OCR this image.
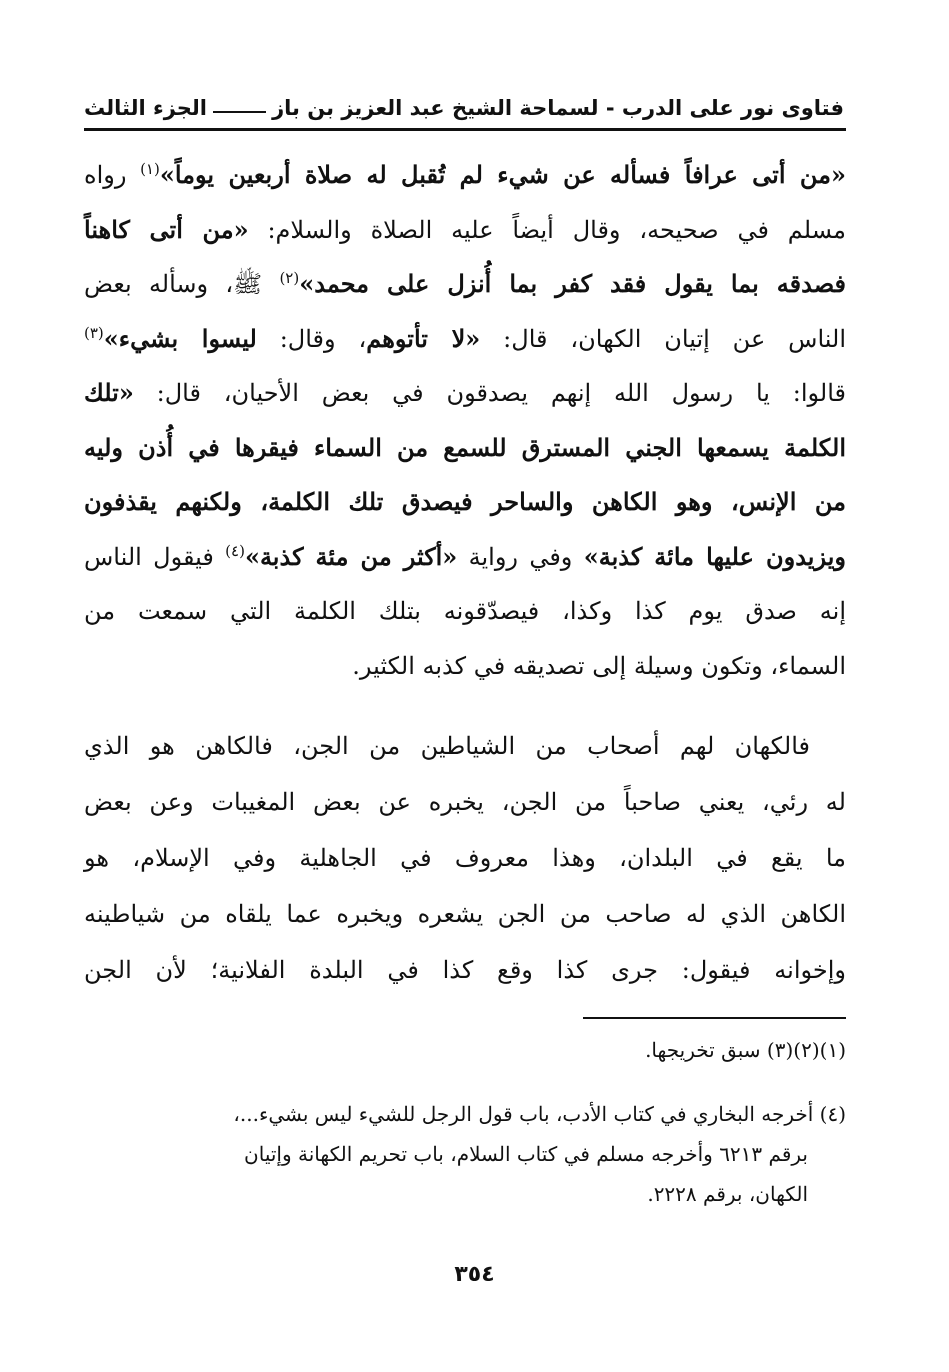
فتاوى نور على الدرب - لسماحة الشيخ عبد العزيز بن باز
الجزء الثالث
«من أتى عرافاً فسأله عن شيء لم تُقبل له صلاة أربعين يوماً»$^{(١)}$ رواه
مسلم في صحيحه، وقال أيضاً عليه الصلاة والسلام: «من أتى كاهناً
فصدقه بما يقول فقد كفر بما أُنزل على محمد»$^{(٢)}$ ﷺ، وسأله بعض
الناس عن إتيان الكهان، قال: «لا تأتوهم، وقال: ليسوا بشيء»$^{(٣)}$
قالوا: يا رسول الله إنهم يصدقون في بعض الأحيان، قال: «تلك
الكلمة يسمعها الجني المسترق للسمع من السماء فيقرها في أُذن وليه
من الإنس، وهو الكاهن والساحر فيصدق تلك الكلمة، ولكنهم يقذفون
ويزيدون عليها مائة كذبة» وفي رواية «أكثر من مئة كذبة»$^{(٤)}$ فيقول الناس
إنه صدق يوم كذا وكذا، فيصدّقونه بتلك الكلمة التي سمعت من
السماء، وتكون وسيلة إلى تصديقه في كذبه الكثير.
فالكهان لهم أصحاب من الشياطين من الجن، فالكاهن هو الذي
له رئي، يعني صاحباً من الجن، يخبره عن بعض المغيبات وعن بعض
ما يقع في البلدان، وهذا معروف في الجاهلية وفي الإسلام، هو
الكاهن الذي له صاحب من الجن يشعره ويخبره عما يلقاه من شياطينه
وإخوانه فيقول: جرى كذا وقع كذا في البلدة الفلانية؛ لأن الجن
(١)(٢)(٣) سبق تخريجها.
(٤) أخرجه البخاري في كتاب الأدب، باب قول الرجل للشيء ليس بشيء...،
برقم ٦٢١٣ وأخرجه مسلم في كتاب السلام، باب تحريم الكهانة وإتيان
الكهان، برقم ٢٢٢٨.
٣٥٤
